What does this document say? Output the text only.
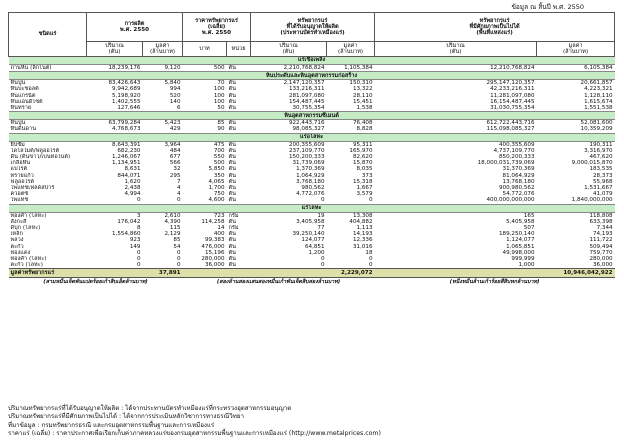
ข้อมูล ณ สิ้นปี พ.ศ. 2550
ชนิดแร่	การผลิต
พ.ศ. 2550		ราคาทรัพยากรแร่
(เฉลี่ย)
พ.ศ. 2550		ทรัพยากรแร่
ที่ได้รับอนุญาตให้ผลิต
(ประทานบัตรทำเหมืองแร่)		ทรัพยากรแร่
ที่มีศักยภาพเป็นไปได้
(พื้นที่แหล่งแร่)	
	ปริมาณ
(ตัน)	มูลค่า
(ล้านบาท)	บาท	หน่วย	ปริมาณ
(ตัน)	มูลค่า
(ล้านบาท)	ปริมาณ
(ตัน)	มูลค่า
(ล้านบาท)
แร่เชื้อเพลิง								
ถ่านหิน (ลิกไนต์)	18,239,176	9,120	500	ตัน	2,210,768,824	1,105,384	12,210,768,824	6,105,384
หินประดับและหินอุตสาหกรรมก่อสร้าง								
หินปูน	83,426,643	5,840	70	ตัน	2,147,120,357	150,310	295,147,120,357	20,661,857
หินบะซอลต์	9,942,689	994	100	ตัน	133,216,311	13,322	42,233,216,311	4,223,321
หินแกรนิต	5,198,920	520	100	ตัน	281,097,080	28,110	11,281,097,080	1,128,110
หินแอนดีไซต์	1,402,555	140	100	ตัน	154,487,445	15,451	16,154,487,445	1,615,674
หินทราย	127,646	6	50	ตัน	30,755,354	1,538	31,030,755,354	1,551,538
หินอุตสาหกรรมซีเมนต์								
หินปูน	63,799,284	5,423	85	ตัน	922,443,716	76,408	612,722,443,716	52,081,600
หินดินดาน	4,768,673	429	90	ตัน	98,085,327	8,828	115,098,085,327	10,359,209
แร่อโลหะ								
ยิปซัม	8,643,391	3,964	475	ตัน	200,355,609	95,311	400,355,609	190,311
โดโลไมต์/ฟลูออไรต์	682,230	484	700	ตัน	237,109,770	165,970	4,737,109,770	3,316,970
ดิน (ดินขาว/เบนทอไนต์)	1,246,067	677	550	ตัน	150,200,333	82,620	850,200,333	467,620
เกลือหิน	1,134,951	566	500	ตัน	31,739,069	15,870	18,000,031,739,069	9,000,015,870
แบไรต์	8,631	32	5,850	ตัน	1,370,369	8,035	31,370,369	183,535
ทรายแก้ว	844,071	295	350	ตัน	1,064,929	373	81,064,929	28,373
ฟลูออไรต์	1,620	7	4,065	ตัน	3,768,180	15,318	13,768,180	55,968
โพแทชเฟลด์สปาร์	2,438	4	1,700	ตัน	980,562	1,667	900,980,562	1,531,667
ควอตซ์	4,994	4	750	ตัน	4,772,076	3,579	54,772,076	41,079
โพแทช	0	0	4,600	ตัน	0	0	400,000,000,000	1,840,000,000
แร่โลหะ								
ทองคำ (โลหะ)	3	2,610	723	กรัม	19	13,308	165	118,808
สังกะสี	176,042	4,390	114,258	ตัน	3,405,958	404,882	5,405,958	633,398
ดีบุก (โลหะ)	8	115	14	กรัม	77	1,113	507	7,344
เหล็ก	1,554,860	2,129	400	ตัน	39,250,140	14,193	189,250,140	74,193
พลวง	923	85	99,383	ตัน	124,077	12,336	1,124,077	111,722
ตะกั่ว	149	54	476,000	ตัน	64,851	31,016	1,065,851	509,494
ทองแดง	0	0	15,196	ตัน	1,200	18	49,998,000	759,770
ทองคำ (โลหะ)	0	0	280,000	ตัน	0	0	999,999	280,000
ตะกั่ว (โลหะ)	0	0	36,000	ตัน	0	0	1,000	36,000
มูลค่าทรัพยากรแร่		37,891				2,229,072		10,946,042,922
(สามหมื่นเจ็ดพันแปดร้อยเก้าสิบเอ็ดล้านบาท)			(สองล้านสองแสนสองหมื่นเก้าพันเจ็ดสิบสองล้านบาท)				(หนึ่งหมื่นล้านเก้าร้อยสี่สิบหกล้านบาท)	
ปริมาณทรัพยากรแร่ที่ได้รับอนุญาตให้ผลิต : ได้จากประทานบัตรทำเหมืองแร่ที่กระทรวงอุตสาหกรรมอนุญาต
ปริมาณทรัพยากรแร่ที่มีศักยภาพเป็นไปได้ : ได้จากการประเมินหลักวิชาการทางธรณีวิทยา
ที่มาข้อมูล : กรมทรัพยากรธรณี และกรมอุตสาหกรรมพื้นฐานและการเหมืองแร่
ราคาแร่ (เฉลี่ย) : ราคาประกาศเพื่อเรียกเก็บค่าภาคหลวงแร่ของกรมอุตสาหกรรมพื้นฐานและการเหมืองแร่ (http://www.metalprices.com)
